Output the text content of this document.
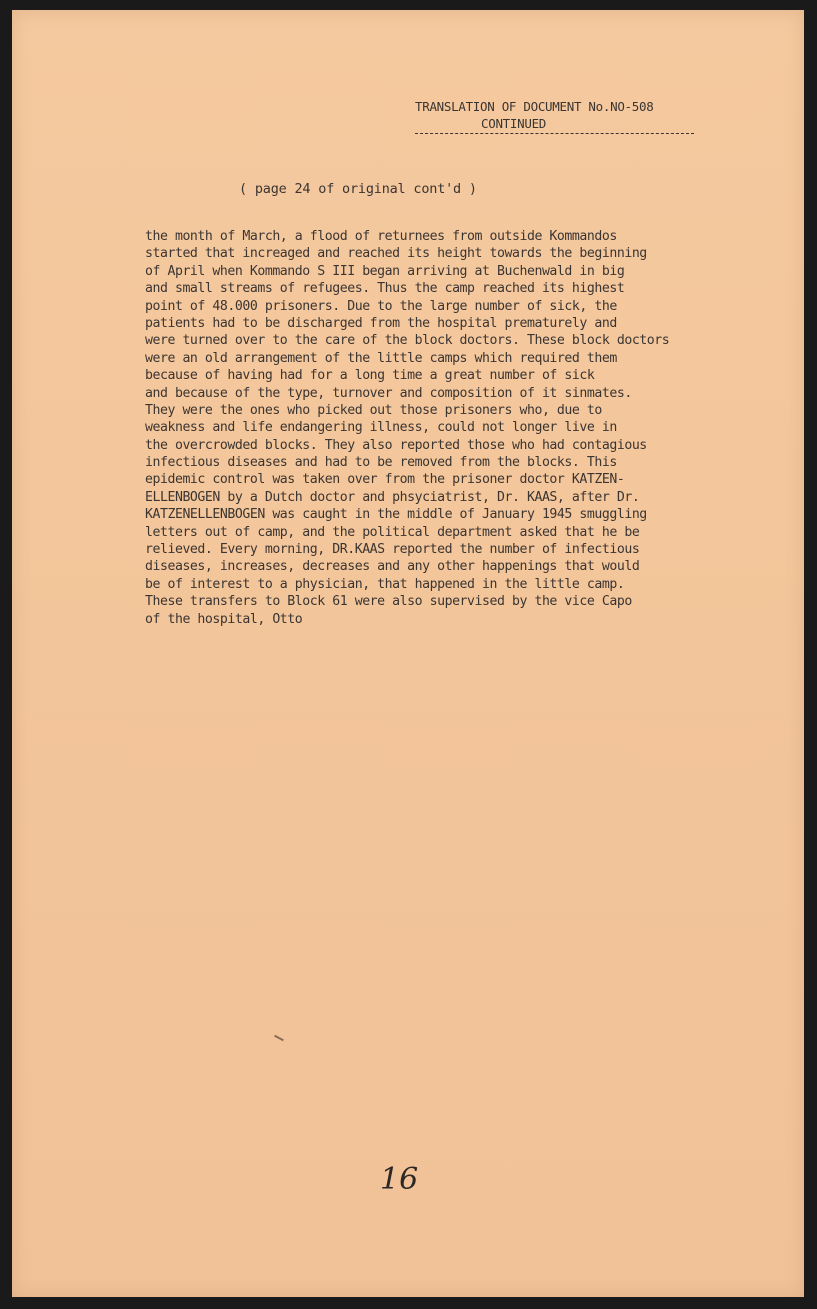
TRANSLATION OF DOCUMENT No.NO-508
CONTINUED
( page 24 of original cont'd )
the month of March, a flood of returnees from outside Kommandos
started that increaged and reached its height towards the beginning
of April when Kommando S III began arriving at Buchenwald in big
and small streams of refugees. Thus the camp reached its highest
point of 48.000 prisoners. Due to the large number of sick, the
patients had to be discharged from the hospital prematurely and
were turned over to the care of the block doctors. These block doctors
were an old arrangement of the little camps which required them
because of having had for a long time a great number of sick
and because of the type, turnover and composition of it sinmates.
They were the ones who picked out those prisoners who, due to
weakness and life endangering illness, could not longer live in
the overcrowded blocks. They also reported those who had contagious
infectious diseases and had to be removed from the blocks. This
epidemic control was taken over from the prisoner doctor KATZEN-
ELLENBOGEN by a Dutch doctor and phsyciatrist, Dr. KAAS, after Dr.
KATZENELLENBOGEN was caught in the middle of January 1945 smuggling
letters out of camp, and the political department asked that he be
relieved. Every morning, DR.KAAS reported the number of infectious
diseases, increases, decreases and any other happenings that would
be of interest to a physician, that happened in the little camp.
These transfers to Block 61 were also supervised by the vice Capo
of the hospital, Otto
16
